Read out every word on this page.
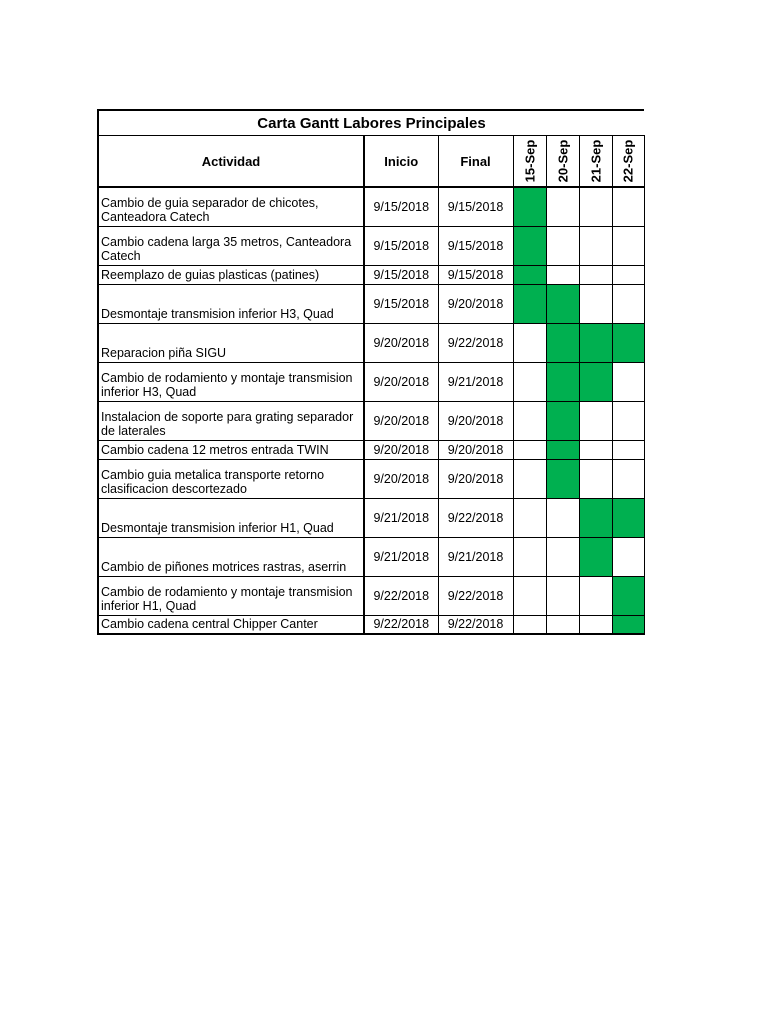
Carta Gantt Labores Principales						
Actividad	Inicio	Final	15-Sep	20-Sep	21-Sep	22-Sep

Cambio de guia separador de chicotes, Canteadora Catech	9/15/2018	9/15/2018				
Cambio cadena larga 35 metros, Canteadora Catech	9/15/2018	9/15/2018				
Reemplazo de guias plasticas (patines)	9/15/2018	9/15/2018				
Desmontaje transmision inferior H3, Quad	9/15/2018	9/20/2018				
Reparacion piña SIGU	9/20/2018	9/22/2018				
Cambio de rodamiento y montaje transmision inferior H3, Quad	9/20/2018	9/21/2018				
Instalacion de soporte para grating separador de laterales	9/20/2018	9/20/2018				
Cambio cadena 12 metros entrada TWIN	9/20/2018	9/20/2018				
Cambio guia metalica transporte retorno clasificacion descortezado	9/20/2018	9/20/2018				
Desmontaje transmision inferior H1, Quad	9/21/2018	9/22/2018				
Cambio de piñones motrices rastras, aserrin	9/21/2018	9/21/2018				
Cambio de rodamiento y montaje transmision inferior H1, Quad	9/22/2018	9/22/2018				
Cambio cadena central Chipper Canter	9/22/2018	9/22/2018				
